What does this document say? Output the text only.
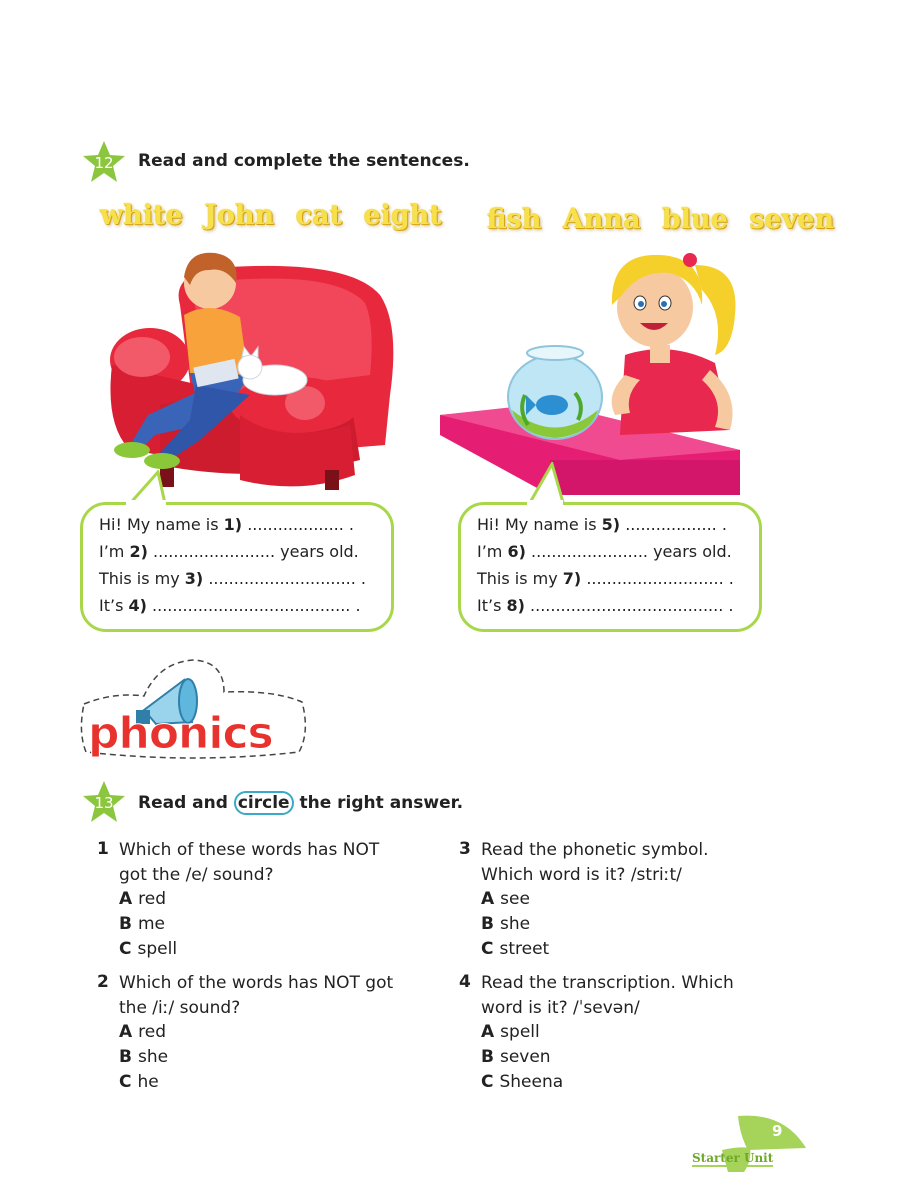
12	Read and complete the sentences.
white John cat eight	fish Anna blue seven
Hi! My name is 1) ................... .
I’m 2) ........................ years old.
This is my 3) ............................. .
It’s 4) ....................................... .
Hi! My name is 5) .................. .
I’m 6) ....................... years old.
This is my 7) ........................... .
It’s 8) ...................................... .
phonics
13	Read and circle the right answer.
1 Which of these words has NOT
got the /e/ sound?
A red
B me
C spell
2 Which of the words has NOT got
the /iː/ sound?
A red
B she
C he
3 Read the phonetic symbol.
Which word is it? /striːt/
A see
B she
C street
4 Read the transcription. Which
word is it? /ˈsevən/
A spell
B seven
C Sheena
9
Starter Unit
